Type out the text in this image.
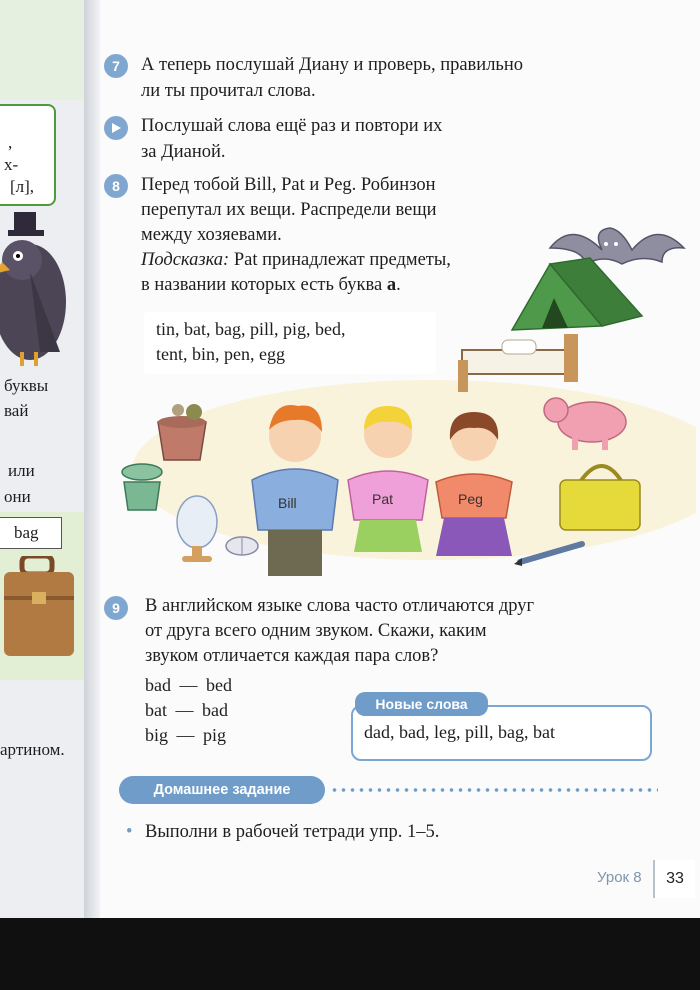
,
х-
[л],
буквы
вай
или
они
bag
артином.
7 А теперь послушай Диану и проверь, правильно
ли ты прочитал слова.
Послушай слова ещё раз и повтори их
за Дианой.
8 Перед тобой Bill, Pat и Peg. Робинзон
перепутал их вещи. Распредели вещи
между хозяевами.
Подсказка: Pat принадлежат предметы,
в названии которых есть буква a.
tin, bat, bag, pill, pig, bed,
tent, bin, pen, egg
Bill	Pat	Peg
9 В английском языке слова часто отличаются друг
от друга всего одним звуком. Скажи, каким
звуком отличается каждая пара слов?
bad — bed
bat — bad
big — pig
Новые слова
dad, bad, leg, pill, bag, bat
Домашнее задание
• Выполни в рабочей тетради упр. 1–5.
Урок 8	33
